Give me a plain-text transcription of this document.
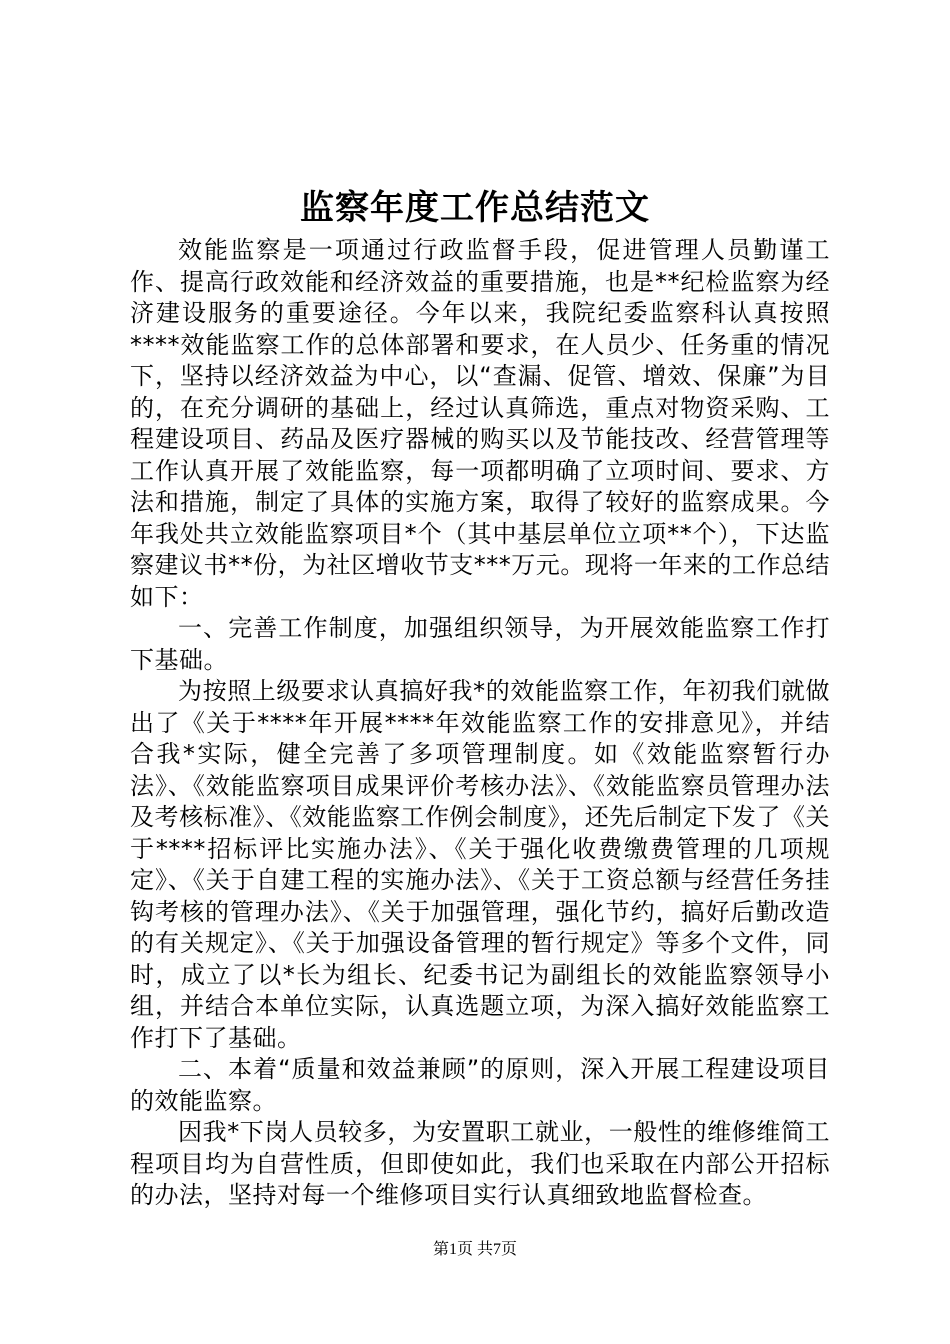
监察年度工作总结范文

效能监察是一项通过行政监督手段，促进管理人员勤谨工作、提高行政效能和经济效益的重要措施，也是**纪检监察为经济建设服务的重要途径。今年以来，我院纪委监察科认真按照****效能监察工作的总体部署和要求，在人员少、任务重的情况下，坚持以经济效益为中心，以“查漏、促管、增效、保廉”为目的，在充分调研的基础上，经过认真筛选，重点对物资采购、工程建设项目、药品及医疗器械的购买以及节能技改、经营管理等工作认真开展了效能监察，每一项都明确了立项时间、要求、方法和措施，制定了具体的实施方案，取得了较好的监察成果。今年我处共立效能监察项目*个（其中基层单位立项**个），下达监察建议书**份，为社区增收节支***万元。现将一年来的工作总结如下：

一、完善工作制度，加强组织领导，为开展效能监察工作打下基础。

为按照上级要求认真搞好我*的效能监察工作，年初我们就做出了《关于****年开展****年效能监察工作的安排意见》，并结合我*实际，健全完善了多项管理制度。如《效能监察暂行办法》、《效能监察项目成果评价考核办法》、《效能监察员管理办法及考核标准》、《效能监察工作例会制度》，还先后制定下发了《关于****招标评比实施办法》、《关于强化收费缴费管理的几项规定》、《关于自建工程的实施办法》、《关于工资总额与经营任务挂钩考核的管理办法》、《关于加强管理，强化节约，搞好后勤改造的有关规定》、《关于加强设备管理的暂行规定》等多个文件，同时，成立了以*长为组长、纪委书记为副组长的效能监察领导小组，并结合本单位实际，认真选题立项，为深入搞好效能监察工作打下了基础。

二、本着“质量和效益兼顾”的原则，深入开展工程建设项目的效能监察。

因我*下岗人员较多，为安置职工就业，一般性的维修维简工程项目均为自营性质，但即使如此，我们也采取在内部公开招标的办法，坚持对每一个维修项目实行认真细致地监督检查。

第1页 共7页
